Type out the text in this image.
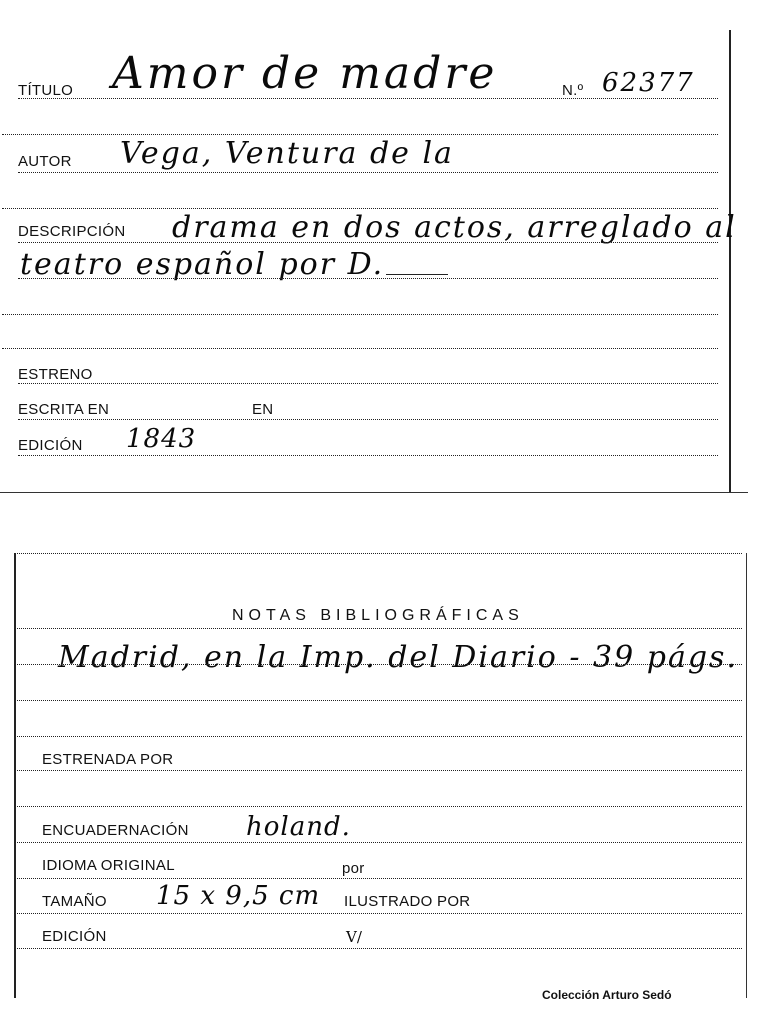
TÍTULO Amor de madre	N.º 62377
AUTOR Vega, Ventura de la
DESCRIPCIÓN drama en dos actos, arreglado al
teatro español por D.
ESTRENO
ESCRITA EN	EN
EDICIÓN 1843
NOTAS BIBLIOGRÁFICAS
Madrid, en la Imp. del Diario - 39 págs.
ESTRENADA POR
ENCUADERNACIÓN holand.
IDIOMA ORIGINAL	por
TAMAÑO 15 x 9,5 cm ILUSTRADO POR
EDICIÓN	V/
Colección Arturo Sedó
